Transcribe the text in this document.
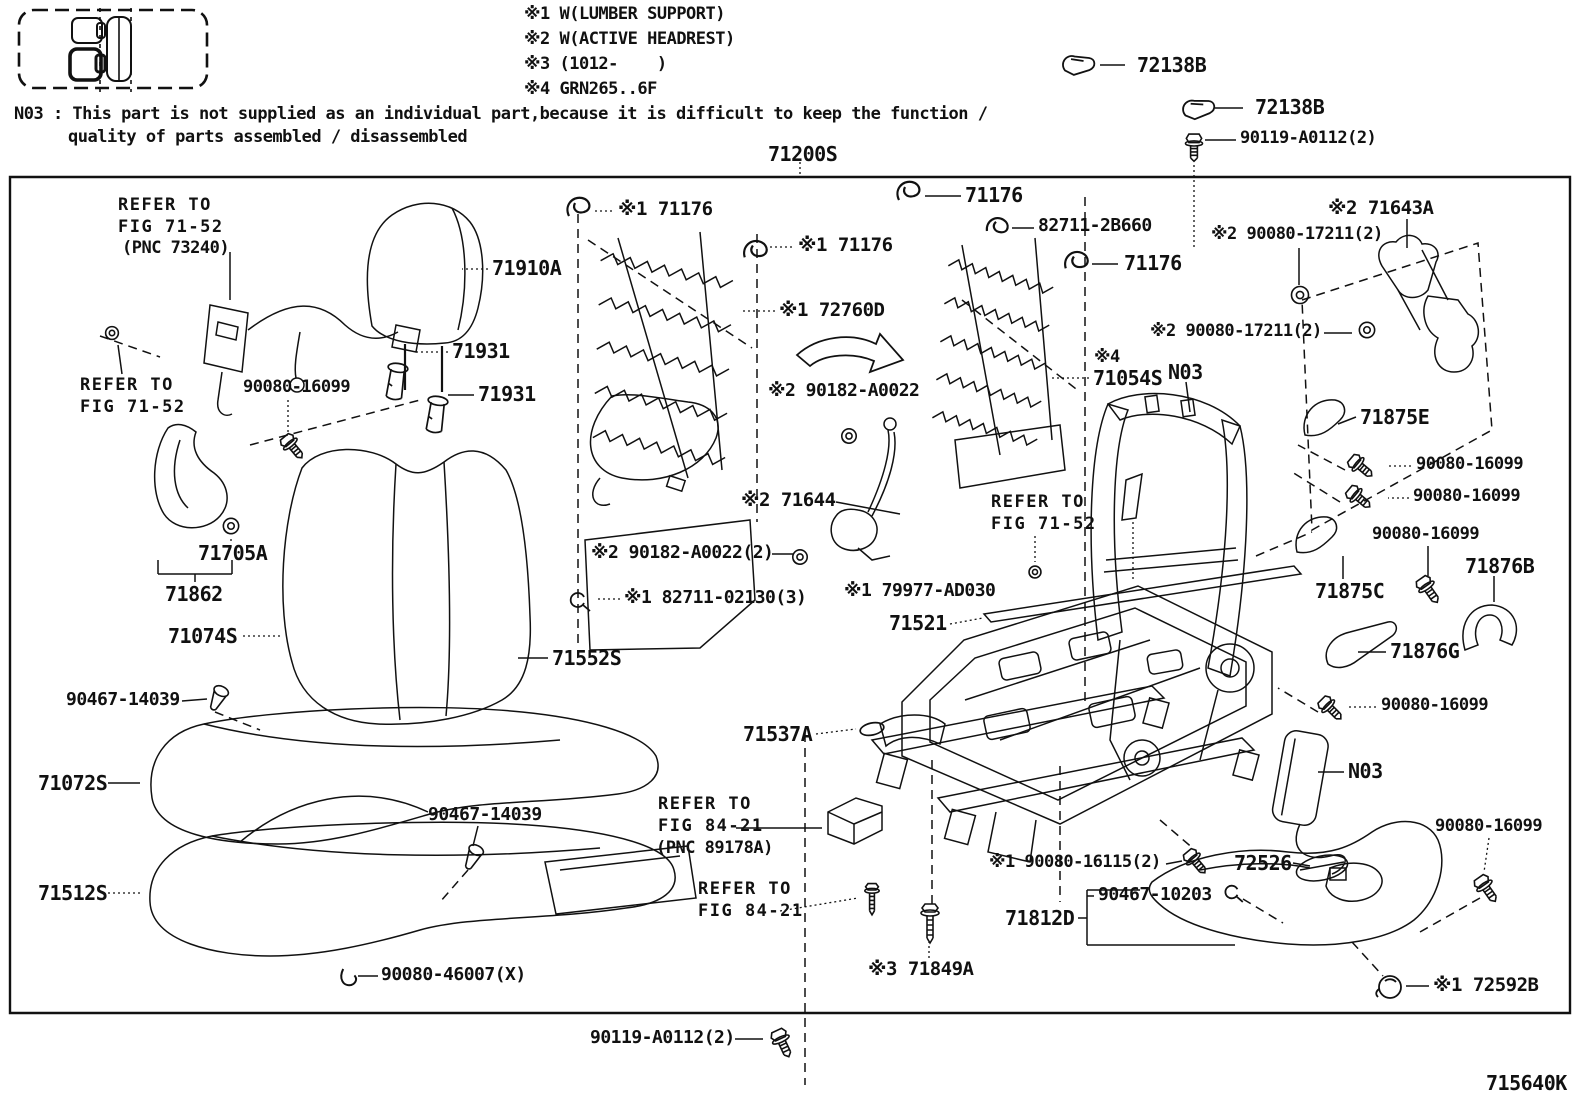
※1 W(LUMBER SUPPORT)
※2 W(ACTIVE HEADREST)
※3 (1012-    )
※4 GRN265..6F
N03 : This part is not supplied as an individual part,because it is difficult to keep the function /
quality of parts assembled / disassembled
72138B
72138B
90119-A0112(2)
71200S
REFER TO
FIG 71-52
(PNC 73240)
71910A
71931
71931
REFER TO
FIG 71-52
90080-16099
※1 71176
※1 71176
71176
82711-2B660
71176
※2 71643A
※2 90080-17211(2)
※2 90080-17211(2)
※4
71054S N03
71875E
90080-16099
90080-16099
90080-16099
71876B
71875C
71876G
90080-16099
※1 72760D
※2 90182-A0022
※2 71644
※2 90182-A0022(2)
※1 82711-02130(3) ※1 79977-AD030
71521
REFER TO
FIG 71-52
71552S
71705A
71862
71074S
90467-14039
71072S
71512S
90467-14039
90080-46007(X)
71537A
REFER TO
FIG 84-21
(PNC 89178A)
REFER TO
FIG 84-21
※1 90080-16115(2)
90467-10203
71812D
※3 71849A
72526
N03
90080-16099
※1 72592B
90119-A0112(2)
715640K
